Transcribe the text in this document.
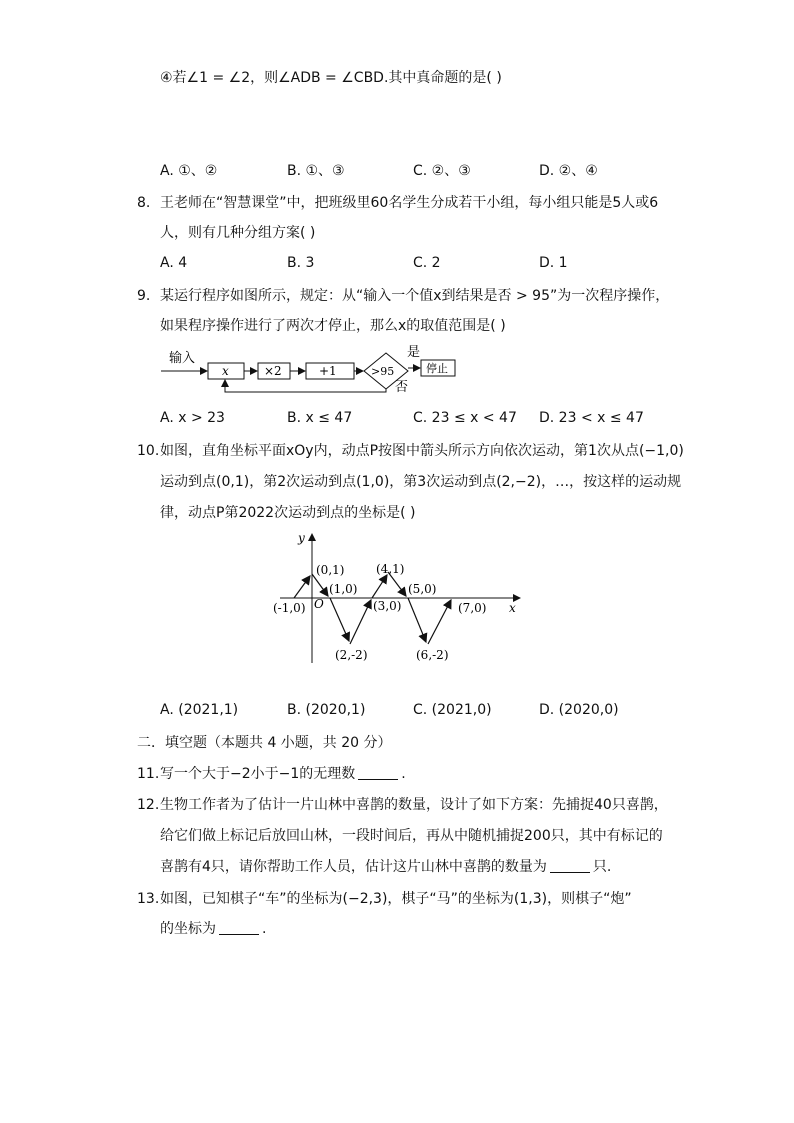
④若∠1 = ∠2，则∠ADB = ∠CBD.其中真命题的是( )
A. ①、②	B. ①、③	C. ②、③	D. ②、④
8. 王老师在“智慧课堂”中，把班级里60名学生分成若干小组，每小组只能是5人或6
人，则有几种分组方案( )
A. 4	B. 3	C. 2	D. 1
9. 某运行程序如图所示，规定：从“输入一个值x到结果是否 > 95”为一次程序操作，
如果程序操作进行了两次才停止，那么x的取值范围是( )
输入
x	×2	+1	>95
是
停止
否
A. x > 23	B. x ≤ 47	C. 23 ≤ x < 47 D. 23 < x ≤ 47
10. 如图，直角坐标平面xOy内，动点P按图中箭头所示方向依次运动，第1次从点(−1,0)
运动到点(0,1)，第2次运动到点(1,0)，第3次运动到点(2,−2)，…，按这样的运动规
律，动点P第2022次运动到点的坐标是( )
y
x
O
(-1,0)
(0,1)
(1,0)
(2,-2)
(3,0)
(4,1)
(5,0)
(6,-2)
(7,0)
A. (2021,1)	B. (2020,1)	C. (2021,0)	D. (2020,0)
二．填空题（本题共 4 小题，共 20 分）
11. 写一个大于−2小于−1的无理数	.
12. 生物工作者为了估计一片山林中喜鹊的数量，设计了如下方案：先捕捉40只喜鹊，
给它们做上标记后放回山林，一段时间后，再从中随机捕捉200只，其中有标记的
喜鹊有4只，请你帮助工作人员，估计这片山林中喜鹊的数量为	只.
13. 如图，已知棋子“车”的坐标为(−2,3)，棋子“马”的坐标为(1,3)，则棋子“炮”
的坐标为	.
